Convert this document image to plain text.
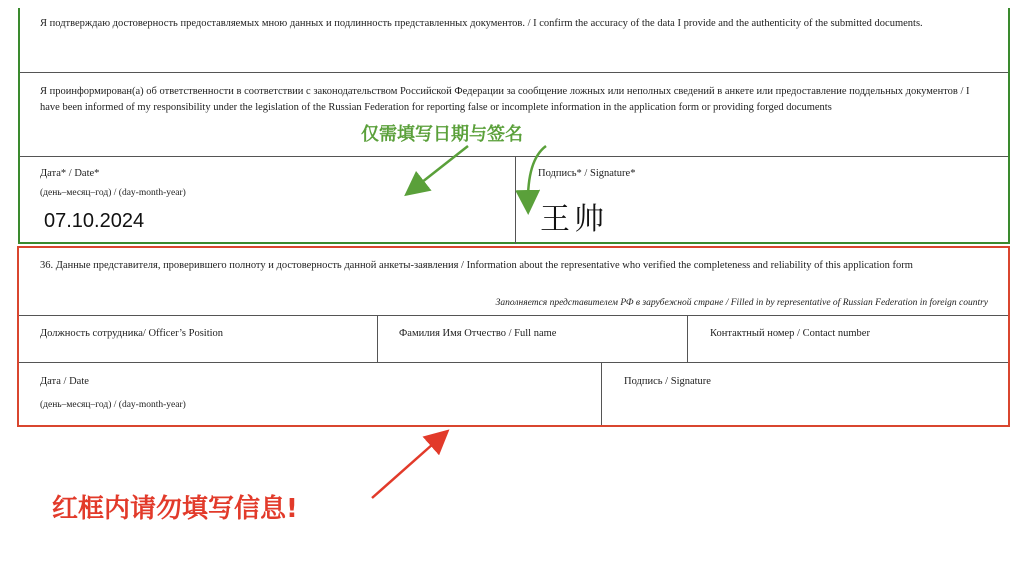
Я подтверждаю достоверность предоставляемых мною данных и подлинность представленных документов. / I confirm the accuracy of the data I provide and the authenticity of the submitted documents.
Я проинформирован(а) об ответственности в соответствии с законодательством Российской Федерации за сообщение ложных или неполных сведений в анкете или предоставление поддельных документов / I have been informed of my responsibility under the legislation of the Russian Federation for reporting false or incomplete information in the application form or providing forged documents
Дата* / Date*
(день–месяц–год) / (day-month-year)
07.10.2024
Подпись* / Signature*
王帅
仅需填写日期与签名
36. Данные представителя, проверившего полноту и достоверность данной анкеты-заявления / Information about the representative who verified the completeness and reliability of this application form
Заполняется представителем РФ в зарубежной стране / Filled in by representative of Russian Federation in foreign country
Должность сотрудника/ Officer’s Position	Фамилия Имя Отчество / Full name	Контактный номер / Contact number
Дата / Date
(день–месяц–год) / (day-month-year)
Подпись / Signature
红框内请勿填写信息!
